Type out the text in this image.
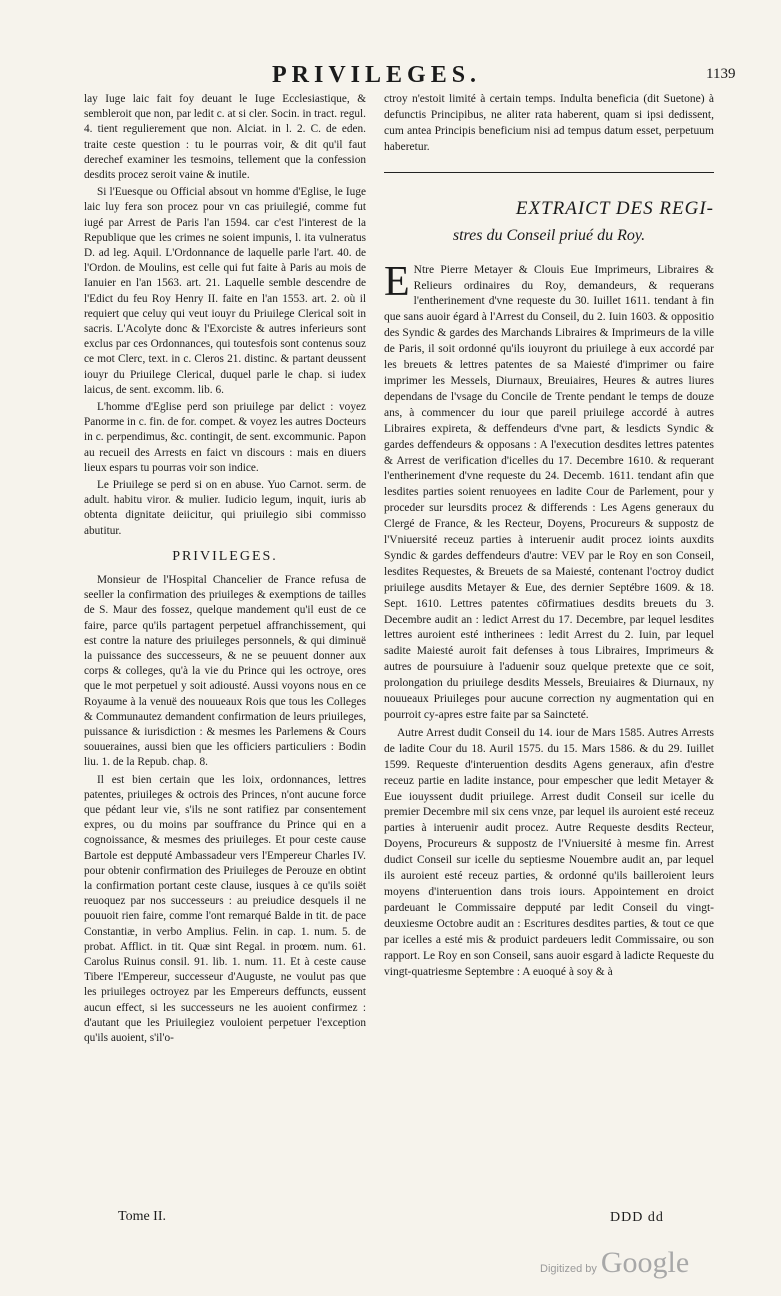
PRIVILEGES.	1139

lay Iuge laic fait foy deuant le Iuge Ecclesiastique, & sembleroit que non, par ledit c. at si cler. Socin. in tract. regul. 4. tient regulierement que non. Alciat. in l. 2. C. de eden. traite ceste question : tu le pourras voir, & dit qu'il faut derechef examiner les tesmoins, tellement que la confession desdits procez seroit vaine & inutile.

Si l'Euesque ou Official absout vn homme d'Eglise, le Iuge laic luy fera son procez pour vn cas priuilegié, comme fut iugé par Arrest de Paris l'an 1594. car c'est l'interest de la Republique que les crimes ne soient impunis, l. ita vulneratus D. ad leg. Aquil. L'Ordonnance de laquelle parle l'art. 40. de l'Ordon. de Moulins, est celle qui fut faite à Paris au mois de Ianuier en l'an 1563. art. 21. Laquelle semble descendre de l'Edict du feu Roy Henry II. faite en l'an 1553. art. 2. où il requiert que celuy qui veut iouyr du Priuilege Clerical soit in sacris. L'Acolyte donc & l'Exorciste & autres inferieurs sont exclus par ces Ordonnances, qui toutesfois sont contenus souz ce mot Clerc, text. in c. Cleros 21. distinc. & partant deussent iouyr du Priuilege Clerical, duquel parle le chap. si iudex laicus, de sent. excomm. lib. 6.

L'homme d'Eglise perd son priuilege par delict : voyez Panorme in c. fin. de for. compet. & voyez les autres Docteurs in c. perpendimus, &c. contingit, de sent. excommunic. Papon au recueil des Arrests en faict vn discours : mais en diuers lieux espars tu pourras voir son indice.

Le Priuilege se perd si on en abuse. Yuo Carnot. serm. de adult. habitu viror. & mulier. Iudicio legum, inquit, iuris ab obtenta dignitate deiicitur, qui priuilegio sibi commisso abutitur.

PRIVILEGES.

Monsieur de l'Hospital Chancelier de France refusa de seeller la confirmation des priuileges & exemptions de tailles de S. Maur des fossez, quelque mandement qu'il eust de ce faire, parce qu'ils partagent perpetuel affranchissement, qui est contre la nature des priuileges personnels, & qui diminuë la puissance des successeurs, & ne se peuuent donner aux corps & colleges, qu'à la vie du Prince qui les octroye, ores que le mot perpetuel y soit adiousté. Aussi voyons nous en ce Royaume à la venuë des nouueaux Rois que tous les Colleges & Communautez demandent confirmation de leurs priuileges, puissance & iurisdiction : & mesmes les Parlemens & Cours souueraines, aussi bien que les officiers particuliers : Bodin liu. 1. de la Repub. chap. 8.

Il est bien certain que les loix, ordonnances, lettres patentes, priuileges & octrois des Princes, n'ont aucune force que pédant leur vie, s'ils ne sont ratifiez par consentement expres, ou du moins par souffrance du Prince qui en a cognoissance, & mesmes des priuileges. Et pour ceste cause Bartole est depputé Ambassadeur vers l'Empereur Charles IV. pour obtenir confirmation des Priuileges de Perouze en obtint la confirmation portant ceste clause, iusques à ce qu'ils soiët reuoquez par nos successeurs : au preiudice desquels il ne pouuoit rien faire, comme l'ont remarqué Balde in tit. de pace Constantiæ, in verbo Amplius. Felin. in cap. 1. num. 5. de probat. Afflict. in tit. Quæ sint Regal. in proœm. num. 61. Carolus Ruinus consil. 91. lib. 1. num. 11. Et à ceste cause Tibere l'Empereur, successeur d'Auguste, ne voulut pas que les priuileges octroyez par les Empereurs deffuncts, eussent aucun effect, si les successeurs ne les auoient confirmez : d'autant que les Priuilegiez vouloient perpetuer l'exception qu'ils auoient, s'il'o-

ctroy n'estoit limité à certain temps. Indulta beneficia (dit Suetone) à defunctis Principibus, ne aliter rata haberent, quam si ipsi dedissent, cum antea Principis beneficium nisi ad tempus datum esset, perpetuum haberetur.

EXTRAICT DES REGI-
stres du Conseil priué du Roy.

E Ntre Pierre Metayer & Clouis Eue Imprimeurs, Libraires & Relieurs ordinaires du Roy, demandeurs, & requerans l'entherinement d'vne requeste du 30. Iuillet 1611. tendant à fin que sans auoir égard à l'Arrest du Conseil, du 2. Iuin 1603. & oppositio des Syndic & gardes des Marchands Libraires & Imprimeurs de la ville de Paris, il soit ordonné qu'ils iouyront du priuilege à eux accordé par les breuets & lettres patentes de sa Maiesté d'imprimer ou faire imprimer les Messels, Diurnaux, Breuiaires, Heures & autres liures dependans de l'vsage du Concile de Trente pendant le temps de douze ans, à commencer du iour que pareil priuilege accordé à autres Libraires expireta, & deffendeurs d'vne part, & lesdicts Syndic & gardes deffendeurs & opposans : A l'execution desdites lettres patentes & Arrest de verification d'icelles du 17. Decembre 1610. & requerant l'entherinement d'vne requeste du 24. Decemb. 1611. tendant afin que lesdites parties soient renuoyees en ladite Cour de Parlement, pour y proceder sur leursdits procez & differends : Les Agens generaux du Clergé de France, & les Recteur, Doyens, Procureurs & suppostz de l'Vniuersité receuz parties à interuenir audit procez ioints auxdits Syndic & gardes deffendeurs d'autre: VEV par le Roy en son Conseil, lesdites Requestes, & Breuets de sa Maiesté, contenant l'octroy dudict priuilege ausdits Metayer & Eue, des dernier Septébre 1609. & 18. Sept. 1610. Lettres patentes cōfirmatiues desdits breuets du 3. Decembre audit an : ledict Arrest du 17. Decembre, par lequel lesdites lettres auroient esté intherinees : ledit Arrest du 2. Iuin, par lequel sadite Maiesté auroit fait defenses à tous Libraires, Imprimeurs & autres de poursuiure à l'aduenir souz quelque pretexte que ce soit, prolongation du priuilege desdits Messels, Breuiaires & Diurnaux, ny nouueaux Priuileges pour aucune correction ny augmentation qui en pourroit cy-apres estre faite par sa Saincteté.

Autre Arrest dudit Conseil du 14. iour de Mars 1585. Autres Arrests de ladite Cour du 18. Auril 1575. du 15. Mars 1586. & du 29. Iuillet 1599. Requeste d'interuention desdits Agens generaux, afin d'estre receuz partie en ladite instance, pour empescher que ledit Metayer & Eue iouyssent dudit priuilege. Arrest dudit Conseil sur icelle du premier Decembre mil six cens vnze, par lequel ils auroient esté receuz parties à interuenir audit procez. Autre Requeste desdits Recteur, Doyens, Procureurs & suppostz de l'Vniuersité à mesme fin. Arrest dudict Conseil sur icelle du septiesme Nouembre audit an, par lequel ils auroient esté receuz parties, & ordonné qu'ils bailleroient leurs moyens d'interuention dans trois iours. Appointement en droict pardeuant le Commissaire depputé par ledit Conseil du vingt-deuxiesme Octobre audit an : Escritures desdites parties, & tout ce que par icelles a esté mis & produict pardeuers ledit Commissaire, ou son rapport. Le Roy en son Conseil, sans auoir esgard à ladicte Requeste du vingt-quatriesme Septembre : A euoqué à soy & à

Tome II.	DDD dd
Digitized by Google
